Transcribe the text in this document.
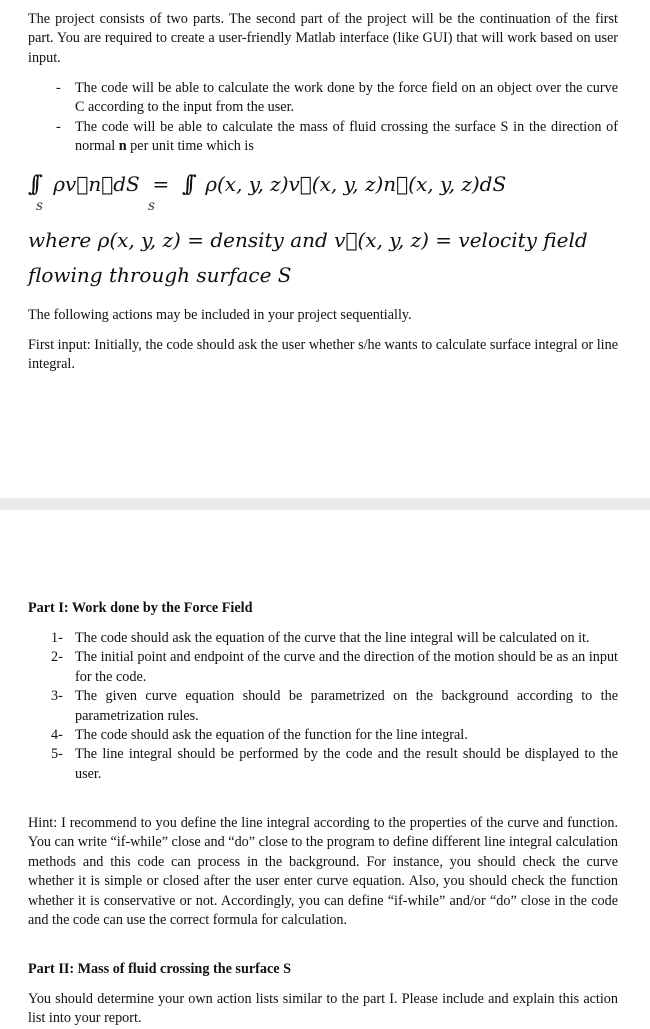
The project consists of two parts. The second part of the project will be the continuation of the first part. You are required to create a user-friendly Matlab interface (like GUI) that will work based on user input.

- The code will be able to calculate the work done by the force field on an object over the curve C according to the input from the user.
- The code will be able to calculate the mass of fluid crossing the surface S in the direction of normal n per unit time which is
∫∫
S
ρv⃗n⃗dS  =  ∫∫
S
ρ(x, y, z)v⃗(x, y, z)n⃗(x, y, z)dS
where ρ(x, y, z) = density and v⃗(x, y, z) = velocity field
flowing through surface S

The following actions may be included in your project sequentially.

First input: Initially, the code should ask the user whether s/he wants to calculate surface integral or line integral.

Part I: Work done by the Force Field

1- The code should ask the equation of the curve that the line integral will be calculated on it.
2- The initial point and endpoint of the curve and the direction of the motion should be as an input for the code.
3- The given curve equation should be parametrized on the background according to the parametrization rules.
4- The code should ask the equation of the function for the line integral.
5- The line integral should be performed by the code and the result should be displayed to the user.

Hint: I recommend to you define the line integral according to the properties of the curve and function. You can write “if-while” close and “do” close to the program to define different line integral calculation methods and this code can process in the background. For instance, you should check the curve whether it is simple or closed after the user enter curve equation. Also, you should check the function whether it is conservative or not. Accordingly, you can define “if-while” and/or “do” close in the code and the code can use the correct formula for calculation.

Part II: Mass of fluid crossing the surface S

You should determine your own action lists similar to the part I. Please include and explain this action list into your report.
